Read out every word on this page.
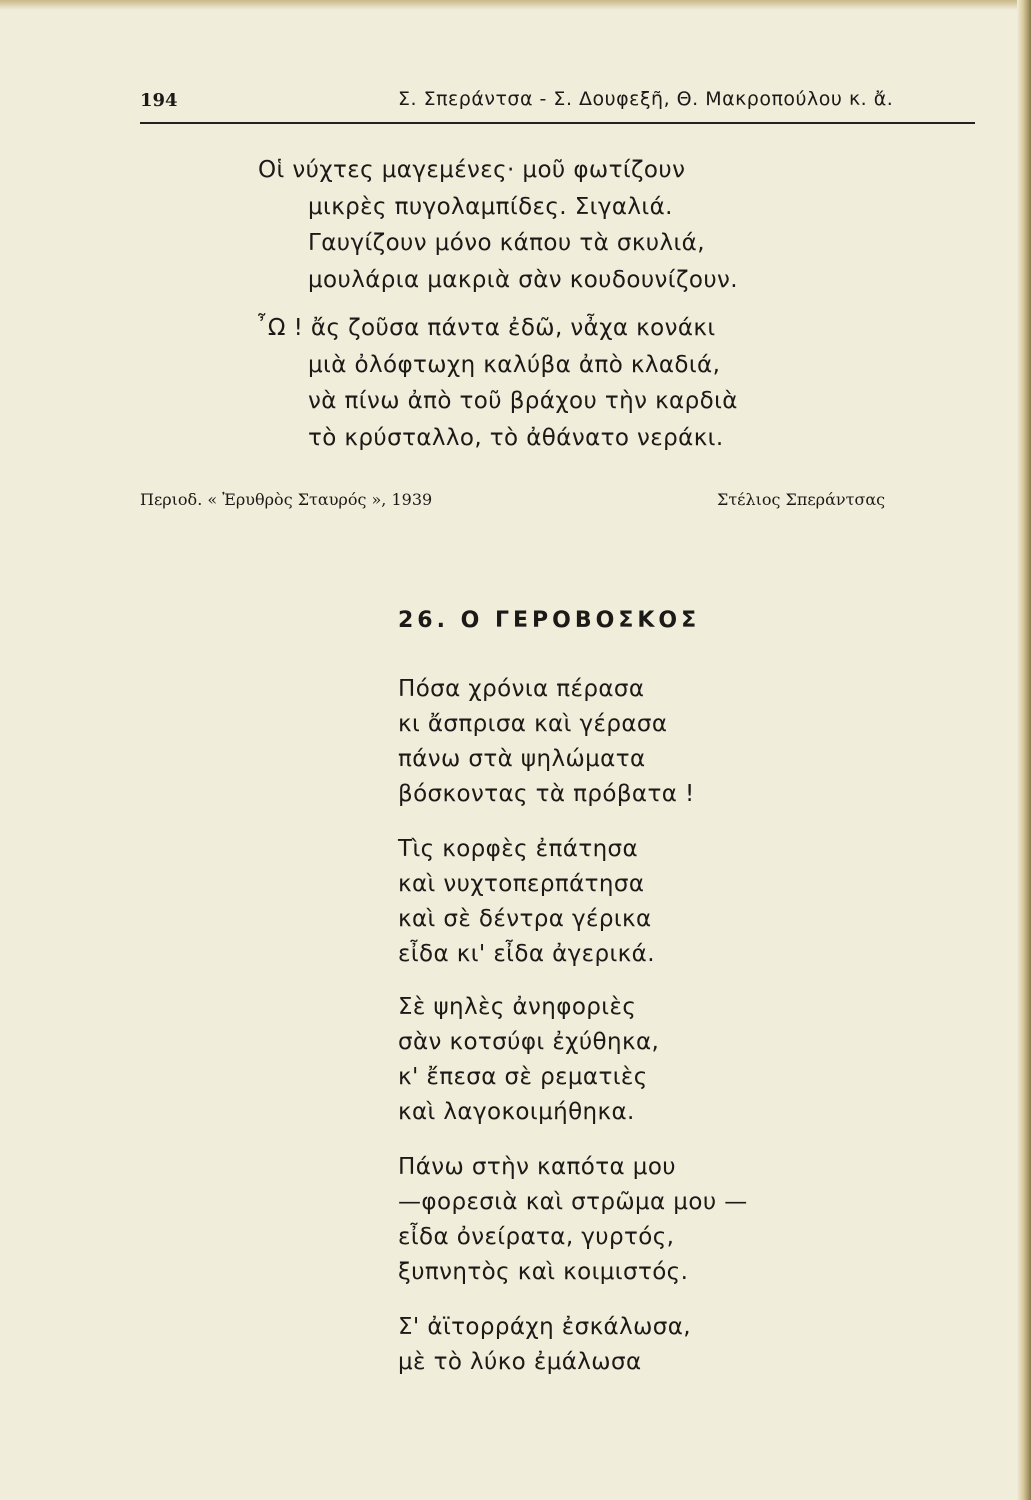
194	Σ. Σπεράντσα - Σ. Δουφεξῆ, Θ. Μακροπούλου κ. ἄ.
Οἱ νύχτες μαγεμένες· μοῦ φωτίζουν
μικρὲς πυγολαμπίδες. Σιγαλιά.
Γαυγίζουν μόνο κάπου τὰ σκυλιά,
μουλάρια μακριὰ σὰν κουδουνίζουν.
῏Ω ! ἄς ζοῦσα πάντα ἐδῶ, νἆχα κονάκι
μιὰ ὀλόφτωχη καλύβα ἀπὸ κλαδιά,
νὰ πίνω ἀπὸ τοῦ βράχου τὴν καρδιὰ
τὸ κρύσταλλο, τὸ ἀθάνατο νεράκι.
Περιοδ. « Ἐρυθρὸς Σταυρός », 1939	Στέλιος Σπεράντσας
26. Ο ΓΕΡΟΒΟΣΚΟΣ
Πόσα χρόνια πέρασα
κι ἄσπρισα καὶ γέρασα
πάνω στὰ ψηλώματα
βόσκοντας τὰ πρόβατα !
Τὶς κορφὲς ἐπάτησα
καὶ νυχτοπερπάτησα
καὶ σὲ δέντρα γέρικα
εἶδα κι' εἶδα ἀγερικά.
Σὲ ψηλὲς ἀνηφοριὲς
σὰν κοτσύφι ἐχύθηκα,
κ' ἔπεσα σὲ ρεματιὲς
καὶ λαγοκοιμήθηκα.
Πάνω στὴν καπότα μου
—φορεσιὰ καὶ στρῶμα μου —
εἶδα ὀνείρατα, γυρτός,
ξυπνητὸς καὶ κοιμιστός.
Σ' ἀϊτορράχη ἐσκάλωσα,
μὲ τὸ λύκο ἐμάλωσα
